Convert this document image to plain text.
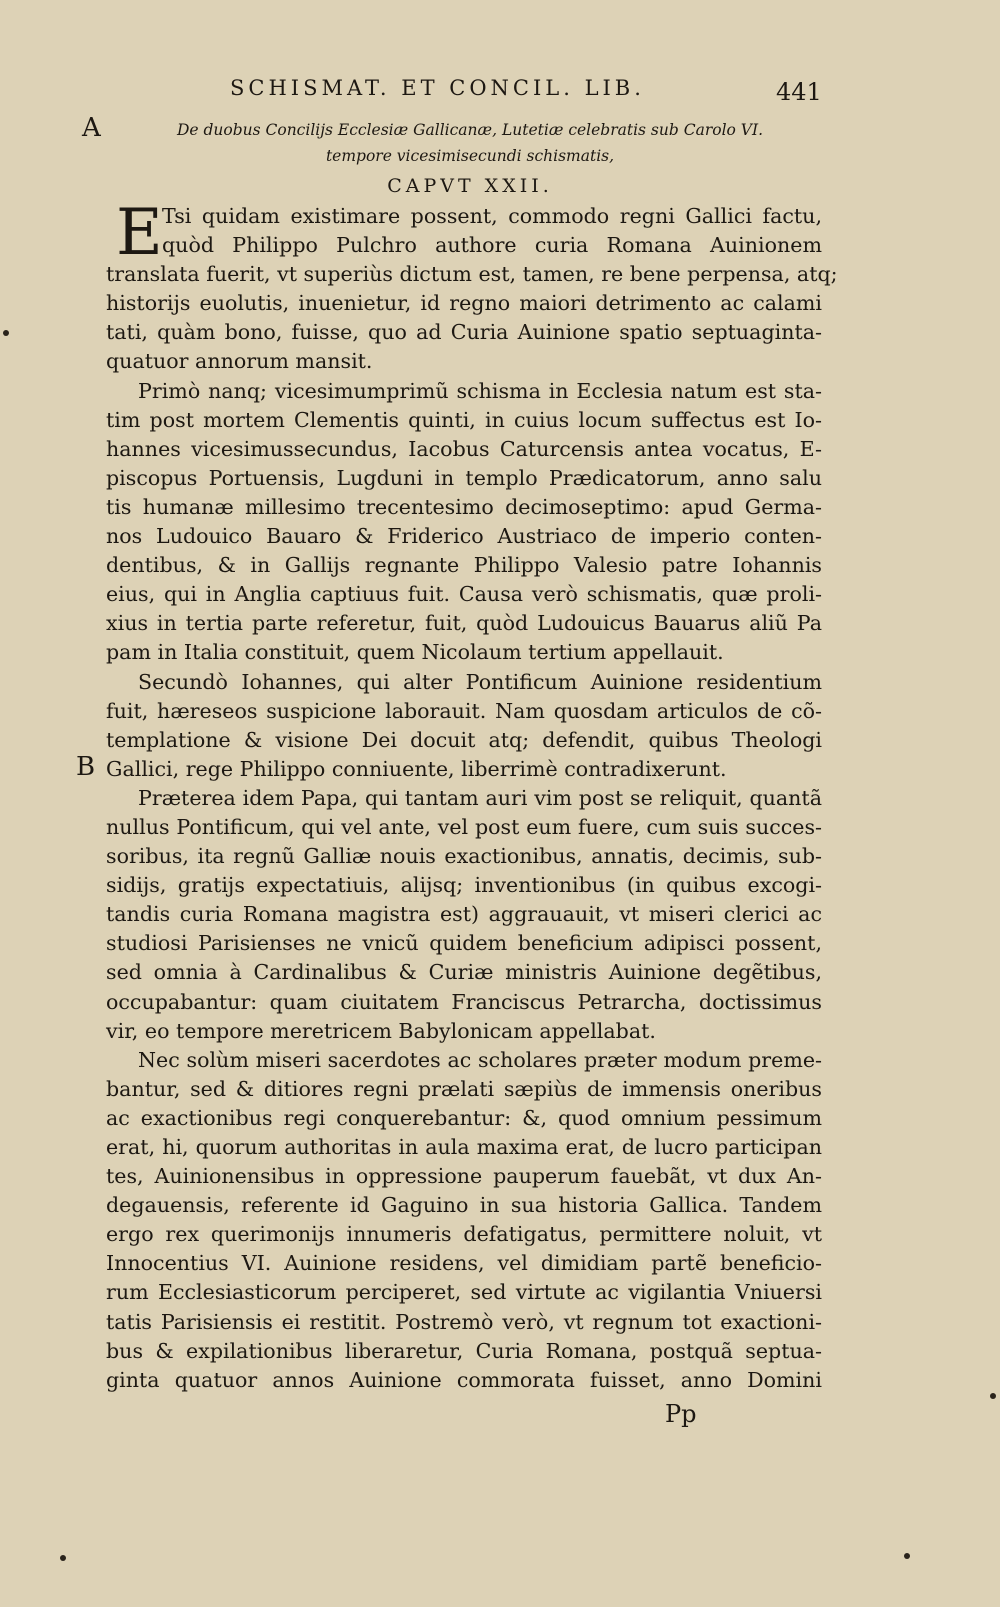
SCHISMAT. ET CONCIL. LIB.	441
A
B
De duobus Concilijs Ecclesiæ Gallicanæ, Lutetiæ celebratis sub Carolo VI.
tempore vicesimisecundi schismatis,
CAPVT XXII.
E Tsi quidam existimare possent, commodo regni Gallici factu,
quòd Philippo Pulchro authore curia Romana Auinionem
translata fuerit, vt superiùs dictum est, tamen, re bene perpensa, atq;
historijs euolutis, inuenietur, id regno maiori detrimento ac calami
tati, quàm bono, fuisse, quo ad Curia Auinione spatio septuaginta-
quatuor annorum mansit.
Primò nanq; vicesimumprimũ schisma in Ecclesia natum est sta-
tim post mortem Clementis quinti, in cuius locum suffectus est Io-
hannes vicesimussecundus, Iacobus Caturcensis antea vocatus, E-
piscopus Portuensis, Lugduni in templo Prædicatorum, anno salu
tis humanæ millesimo trecentesimo decimoseptimo: apud Germa-
nos Ludouico Bauaro & Friderico Austriaco de imperio conten-
dentibus, & in Gallijs regnante Philippo Valesio patre Iohannis
eius, qui in Anglia captiuus fuit. Causa verò schismatis, quæ proli-
xius in tertia parte referetur, fuit, quòd Ludouicus Bauarus aliũ Pa
pam in Italia constituit, quem Nicolaum tertium appellauit.
Secundò Iohannes, qui alter Pontificum Auinione residentium
fuit, hæreseos suspicione laborauit. Nam quosdam articulos de cõ-
templatione & visione Dei docuit atq; defendit, quibus Theologi
Gallici, rege Philippo conniuente, liberrimè contradixerunt.
Præterea idem Papa, qui tantam auri vim post se reliquit, quantã
nullus Pontificum, qui vel ante, vel post eum fuere, cum suis succes-
soribus, ita regnũ Galliæ nouis exactionibus, annatis, decimis, sub-
sidijs, gratijs expectatiuis, alijsq; inventionibus (in quibus excogi-
tandis curia Romana magistra est) aggrauauit, vt miseri clerici ac
studiosi Parisienses ne vnicũ quidem beneficium adipisci possent,
sed omnia à Cardinalibus & Curiæ ministris Auinione degẽtibus,
occupabantur: quam ciuitatem Franciscus Petrarcha, doctissimus
vir, eo tempore meretricem Babylonicam appellabat.
Nec solùm miseri sacerdotes ac scholares præter modum preme-
bantur, sed & ditiores regni prælati sæpiùs de immensis oneribus
ac exactionibus regi conquerebantur: &, quod omnium pessimum
erat, hi, quorum authoritas in aula maxima erat, de lucro participan
tes, Auinionensibus in oppressione pauperum fauebãt, vt dux An-
degauensis, referente id Gaguino in sua historia Gallica. Tandem
ergo rex querimonijs innumeris defatigatus, permittere noluit, vt
Innocentius VI. Auinione residens, vel dimidiam partẽ beneficio-
rum Ecclesiasticorum perciperet, sed virtute ac vigilantia Vniuersi
tatis Parisiensis ei restitit. Postremò verò, vt regnum tot exactioni-
bus & expilationibus liberaretur, Curia Romana, postquã septua-
ginta quatuor annos Auinione commorata fuisset, anno Domini
Pp
